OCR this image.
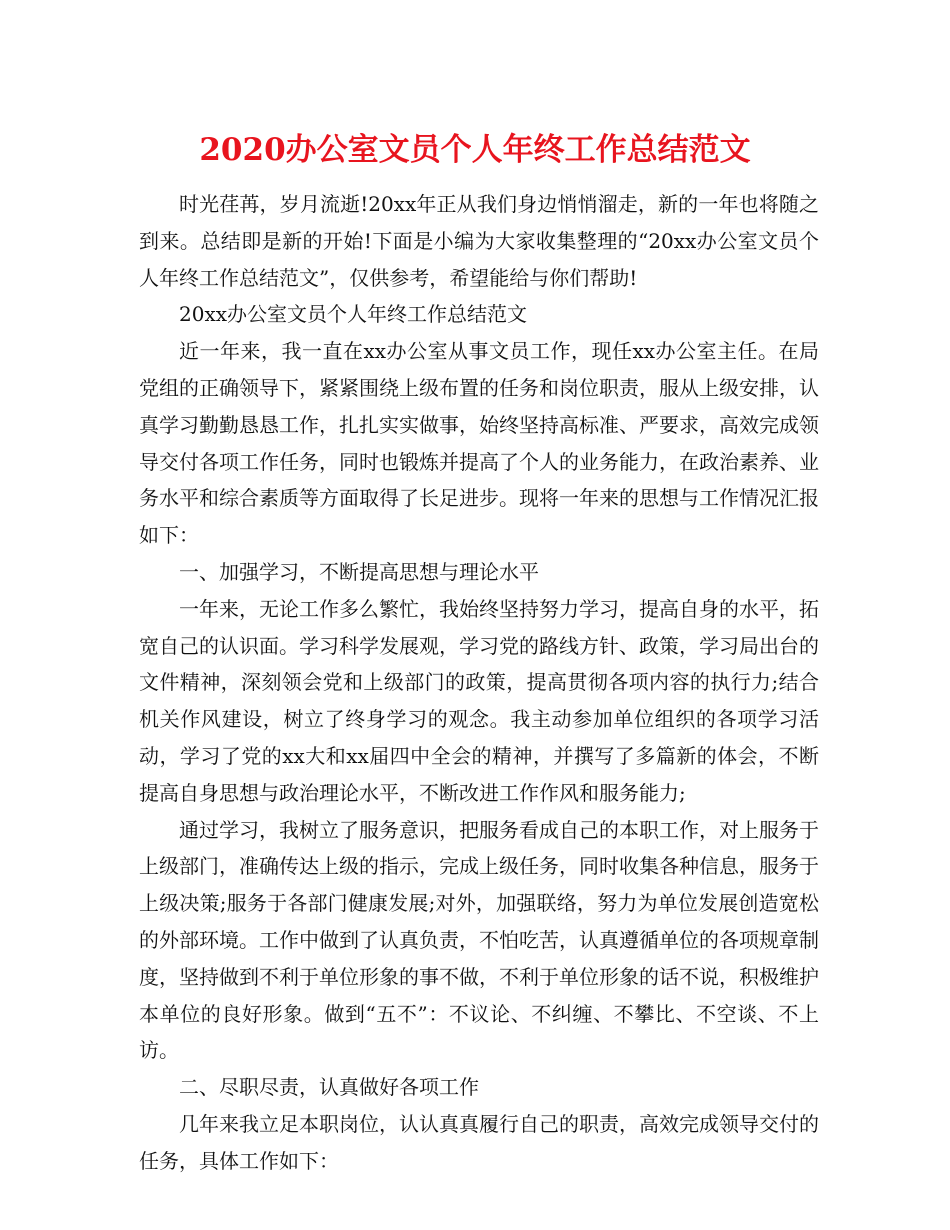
2020办公室文员个人年终工作总结范文

时光荏苒，岁月流逝!20xx年正从我们身边悄悄溜走，新的一年也将随之到来。总结即是新的开始!下面是小编为大家收集整理的“20xx办公室文员个人年终工作总结范文”，仅供参考，希望能给与你们帮助!

20xx办公室文员个人年终工作总结范文

近一年来，我一直在xx办公室从事文员工作，现任xx办公室主任。在局党组的正确领导下，紧紧围绕上级布置的任务和岗位职责，服从上级安排，认真学习勤勤恳恳工作，扎扎实实做事，始终坚持高标准、严要求，高效完成领导交付各项工作任务，同时也锻炼并提高了个人的业务能力，在政治素养、业务水平和综合素质等方面取得了长足进步。现将一年来的思想与工作情况汇报如下：

一、加强学习，不断提高思想与理论水平

一年来，无论工作多么繁忙，我始终坚持努力学习，提高自身的水平，拓宽自己的认识面。学习科学发展观，学习党的路线方针、政策，学习局出台的文件精神，深刻领会党和上级部门的政策，提高贯彻各项内容的执行力;结合机关作风建设，树立了终身学习的观念。我主动参加单位组织的各项学习活动，学习了党的xx大和xx届四中全会的精神，并撰写了多篇新的体会，不断提高自身思想与政治理论水平，不断改进工作作风和服务能力;

通过学习，我树立了服务意识，把服务看成自己的本职工作，对上服务于上级部门，准确传达上级的指示，完成上级任务，同时收集各种信息，服务于上级决策;服务于各部门健康发展;对外，加强联络，努力为单位发展创造宽松的外部环境。工作中做到了认真负责，不怕吃苦，认真遵循单位的各项规章制度，坚持做到不利于单位形象的事不做，不利于单位形象的话不说，积极维护本单位的良好形象。做到“五不”：不议论、不纠缠、不攀比、不空谈、不上访。

二、尽职尽责，认真做好各项工作

几年来我立足本职岗位，认认真真履行自己的职责，高效完成领导交付的任务，具体工作如下：
